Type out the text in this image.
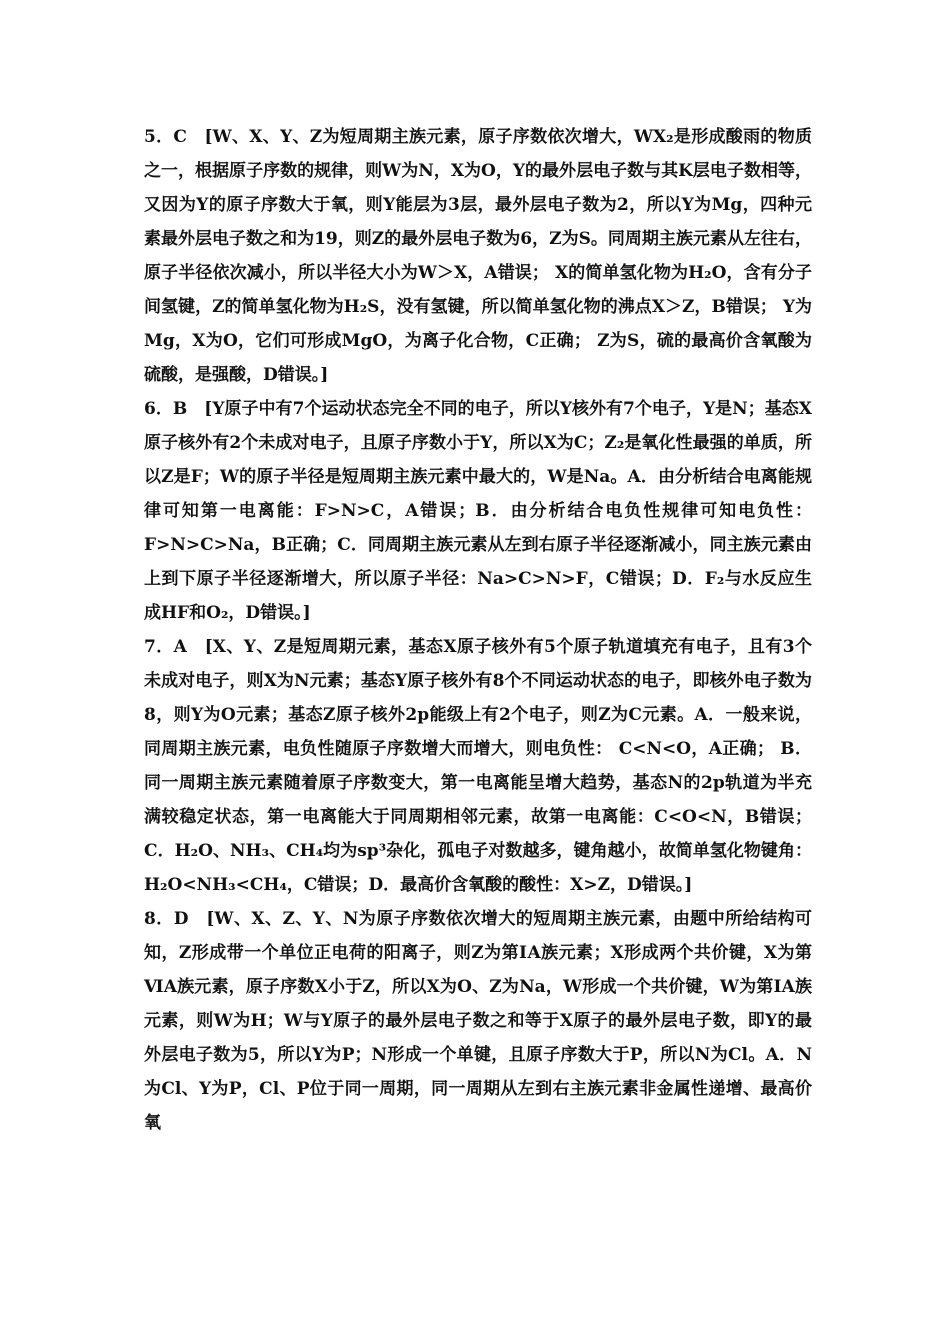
5．C　[W、X、Y、Z为短周期主族元素，原子序数依次增大，WX₂是形成酸雨的物质之一，根据原子序数的规律，则W为N，X为O，Y的最外层电子数与其K层电子数相等，又因为Y的原子序数大于氧，则Y能层为3层，最外层电子数为2，所以Y为Mg，四种元素最外层电子数之和为19，则Z的最外层电子数为6，Z为S。同周期主族元素从左往右，原子半径依次减小，所以半径大小为W＞X，A错误； X的简单氢化物为H₂O，含有分子间氢键，Z的简单氢化物为H₂S，没有氢键，所以简单氢化物的沸点X＞Z，B错误； Y为Mg，X为O，它们可形成MgO，为离子化合物，C正确； Z为S，硫的最高价含氧酸为硫酸，是强酸，D错误。]

6．B　[Y原子中有7个运动状态完全不同的电子，所以Y核外有7个电子，Y是N；基态X原子核外有2个未成对电子，且原子序数小于Y，所以X为C；Z₂是氧化性最强的单质，所以Z是F；W的原子半径是短周期主族元素中最大的，W是Na。A．由分析结合电离能规律可知第一电离能：F>N>C，A错误；B．由分析结合电负性规律可知电负性：F>N>C>Na，B正确；C．同周期主族元素从左到右原子半径逐渐减小，同主族元素由上到下原子半径逐渐增大，所以原子半径：Na>C>N>F，C错误；D．F₂与水反应生成HF和O₂，D错误。]

7．A　[X、Y、Z是短周期元素，基态X原子核外有5个原子轨道填充有电子，且有3个未成对电子，则X为N元素；基态Y原子核外有8个不同运动状态的电子，即核外电子数为8，则Y为O元素；基态Z原子核外2p能级上有2个电子，则Z为C元素。A．一般来说，同周期主族元素，电负性随原子序数增大而增大，则电负性： C<N<O，A正确； B．同一周期主族元素随着原子序数变大，第一电离能呈增大趋势，基态N的2p轨道为半充满较稳定状态，第一电离能大于同周期相邻元素，故第一电离能：C<O<N，B错误；C．H₂O、NH₃、CH₄均为sp³杂化，孤电子对数越多，键角越小，故简单氢化物键角：H₂O<NH₃<CH₄，C错误；D．最高价含氧酸的酸性：X>Z，D错误。]

8．D　[W、X、Z、Y、N为原子序数依次增大的短周期主族元素，由题中所给结构可知，Z形成带一个单位正电荷的阳离子，则Z为第ⅠA族元素；X形成两个共价键，X为第ⅥA族元素，原子序数X小于Z，所以X为O、Z为Na，W形成一个共价键，W为第ⅠA族元素，则W为H；W与Y原子的最外层电子数之和等于X原子的最外层电子数，即Y的最外层电子数为5，所以Y为P；N形成一个单键，且原子序数大于P，所以N为Cl。A．N为Cl、Y为P，Cl、P位于同一周期，同一周期从左到右主族元素非金属性递增、最高价氧
